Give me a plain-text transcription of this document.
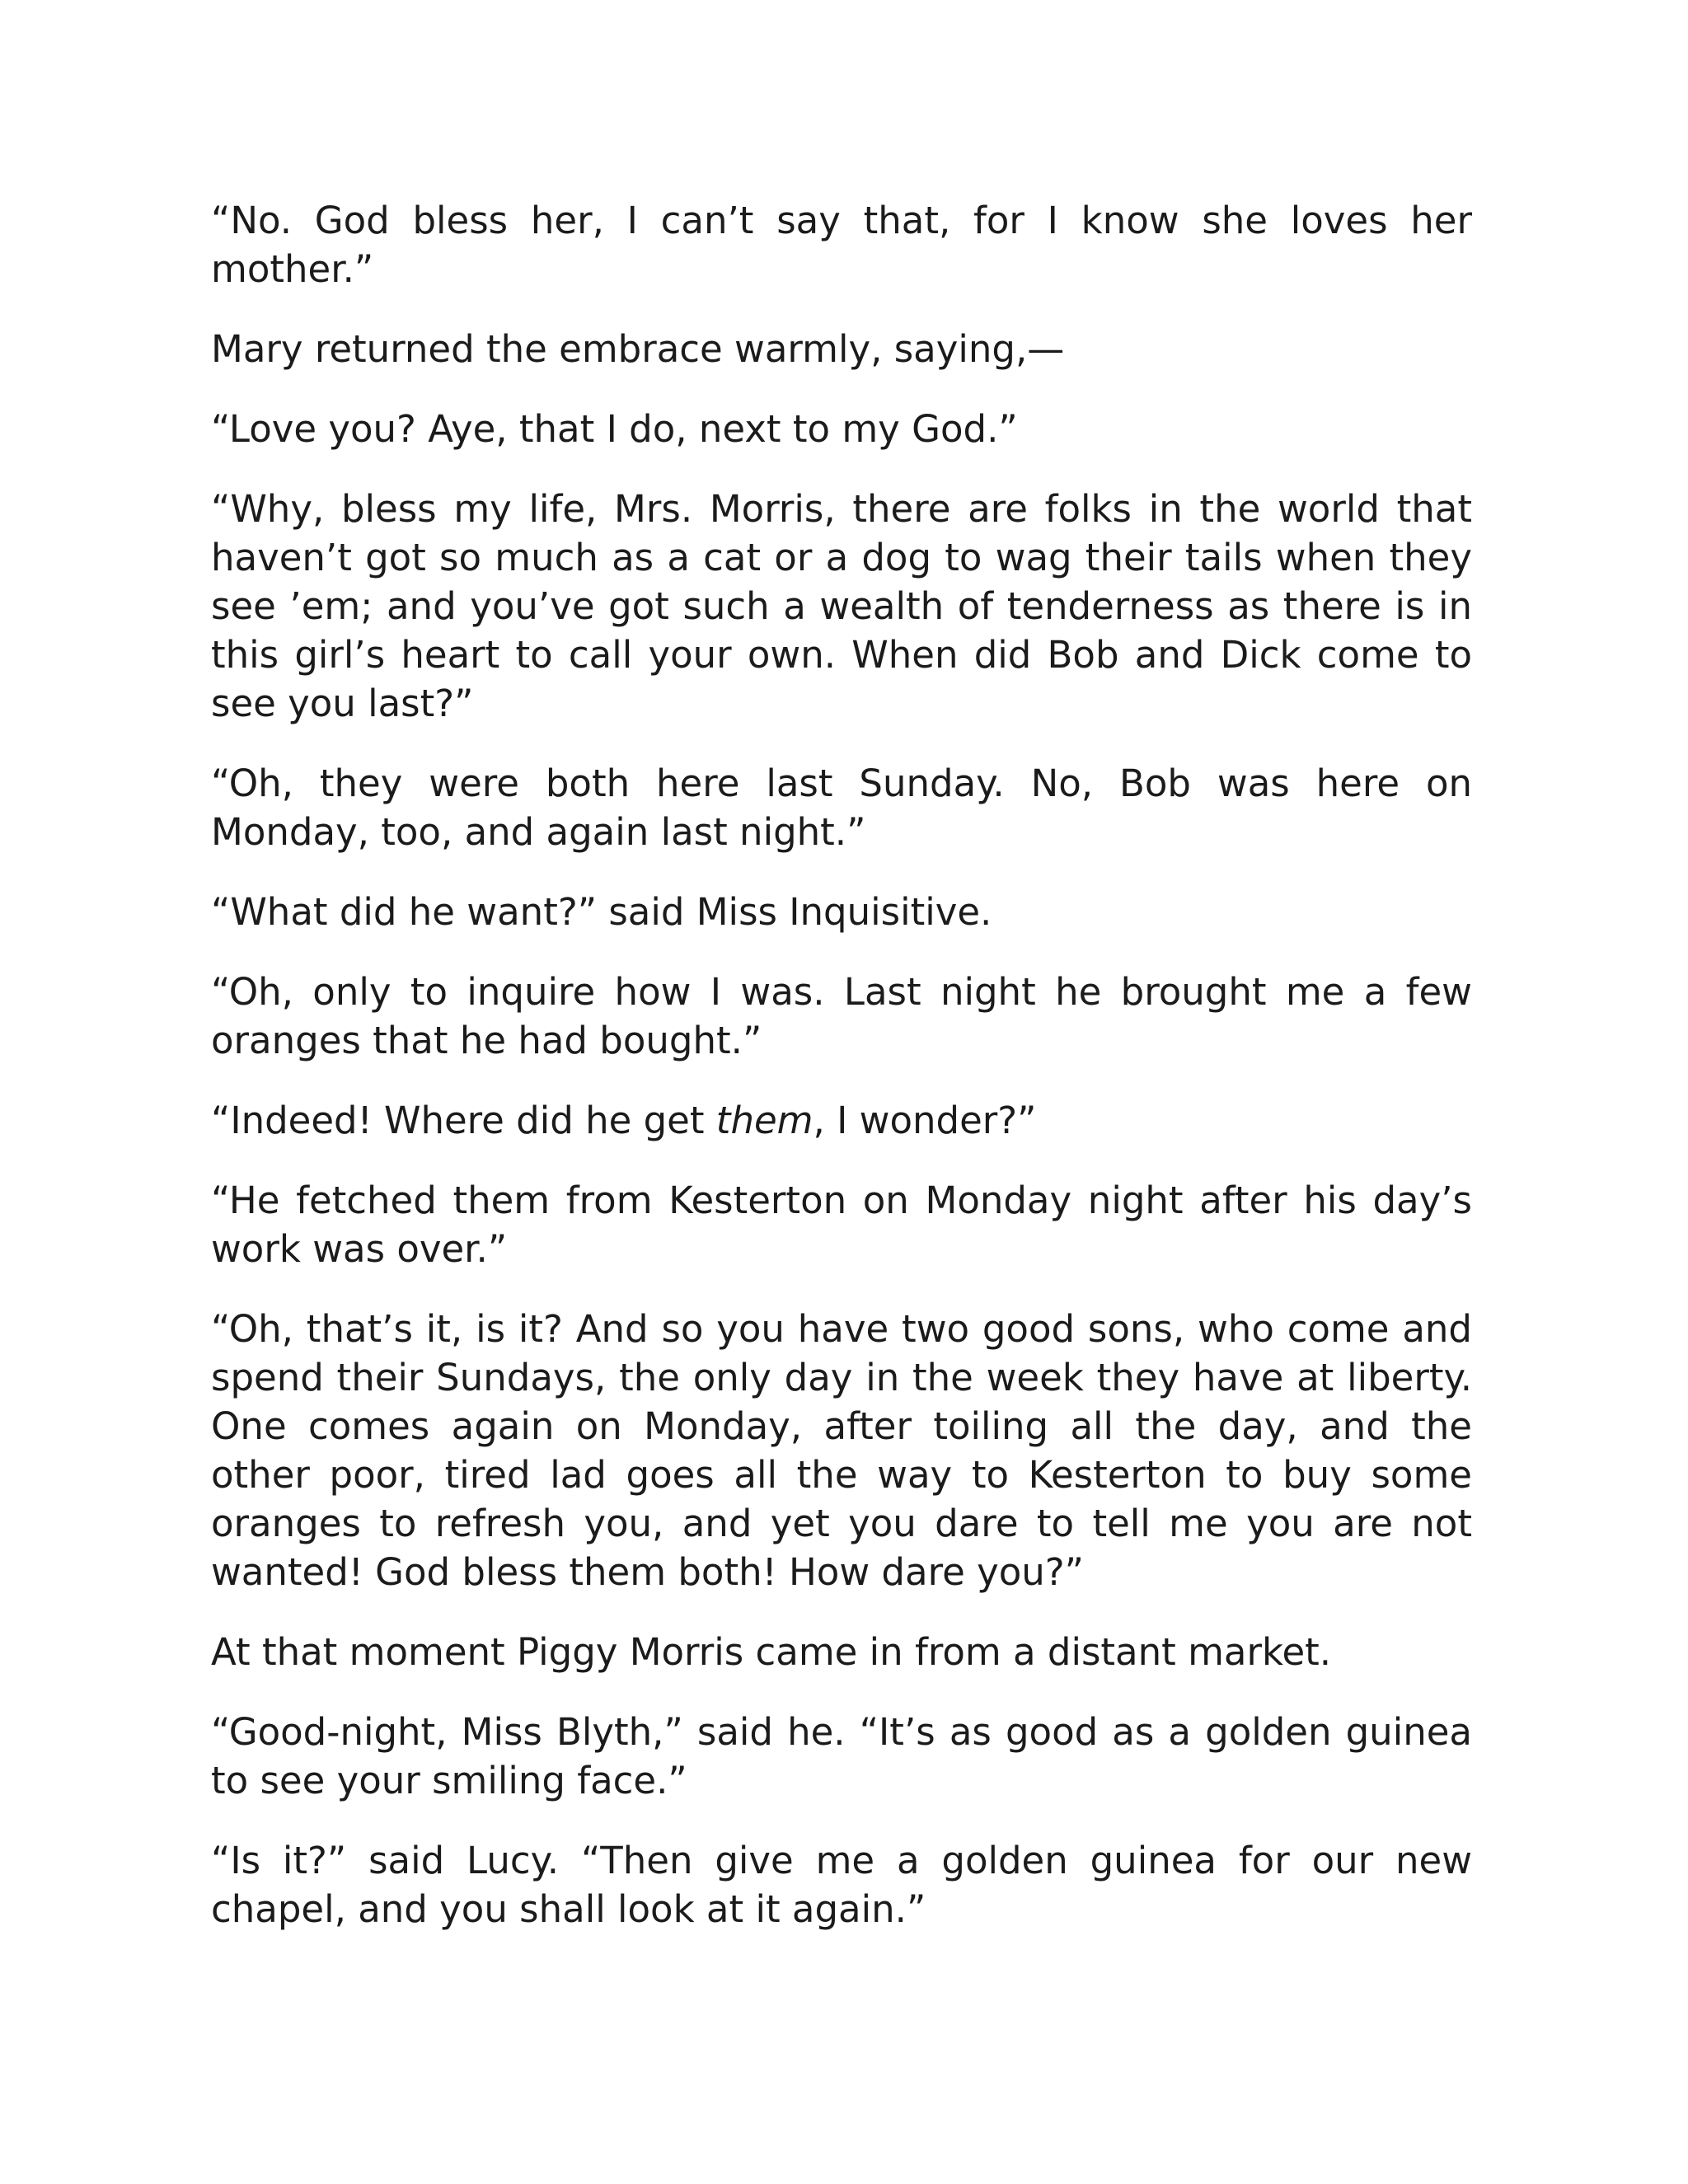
“No. God bless her, I can’t say that, for I know she loves her mother.”

Mary returned the embrace warmly, saying,—

“Love you? Aye, that I do, next to my God.”

“Why, bless my life, Mrs. Morris, there are folks in the world that haven’t got so much as a cat or a dog to wag their tails when they see ’em; and you’ve got such a wealth of tenderness as there is in this girl’s heart to call your own. When did Bob and Dick come to see you last?”

“Oh, they were both here last Sunday. No, Bob was here on Monday, too, and again last night.”

“What did he want?” said Miss Inquisitive.

“Oh, only to inquire how I was. Last night he brought me a few oranges that he had bought.”

“Indeed! Where did he get them, I wonder?”

“He fetched them from Kesterton on Monday night after his day’s work was over.”

“Oh, that’s it, is it? And so you have two good sons, who come and spend their Sundays, the only day in the week they have at liberty. One comes again on Monday, after toiling all the day, and the other poor, tired lad goes all the way to Kesterton to buy some oranges to refresh you, and yet you dare to tell me you are not wanted! God bless them both! How dare you?”

At that moment Piggy Morris came in from a distant market.

“Good-night, Miss Blyth,” said he. “It’s as good as a golden guinea to see your smiling face.”

“Is it?” said Lucy. “Then give me a golden guinea for our new chapel, and you shall look at it again.”
